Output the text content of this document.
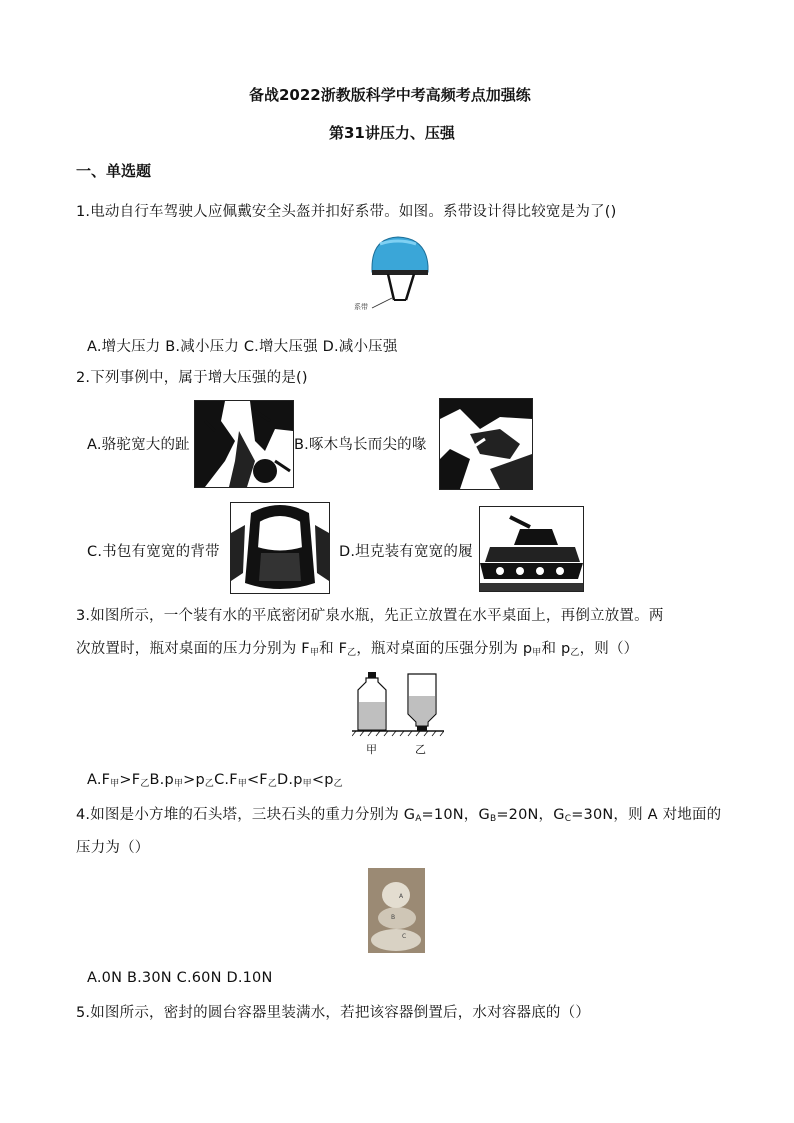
备战2022浙教版科学中考高频考点加强练
第31讲压力、压强
一、单选题
1.电动自行车驾驶人应佩戴安全头盔并扣好系带。如图。系带设计得比较宽是为了()
系带
A.增大压力 B.减小压力 C.增大压强 D.减小压强
2.下列事例中，属于增大压强的是()
A.骆驼宽大的趾	B.啄木鸟长而尖的喙
C.书包有宽宽的背带	D.坦克装有宽宽的履
3.如图所示，一个装有水的平底密闭矿泉水瓶，先正立放置在水平桌面上，再倒立放置。两
次放置时，瓶对桌面的压力分别为 $F_甲$和 $F_乙$，瓶对桌面的压强分别为 $p_甲$和 $p_乙$，则（）
甲	乙
$A.F_甲>F_乙B.p_甲>p_乙C.F_甲<F_乙D.p_甲<p_乙$
4.如图是小方堆的石头塔，三块石头的重力分别为 $G_A=10N$，$G_B=20N$，$G_C=30N$，则 A 对地面的
压力为（）
A
B
C
A.0N B.30N C.60N D.10N
5.如图所示，密封的圆台容器里装满水，若把该容器倒置后，水对容器底的（）
